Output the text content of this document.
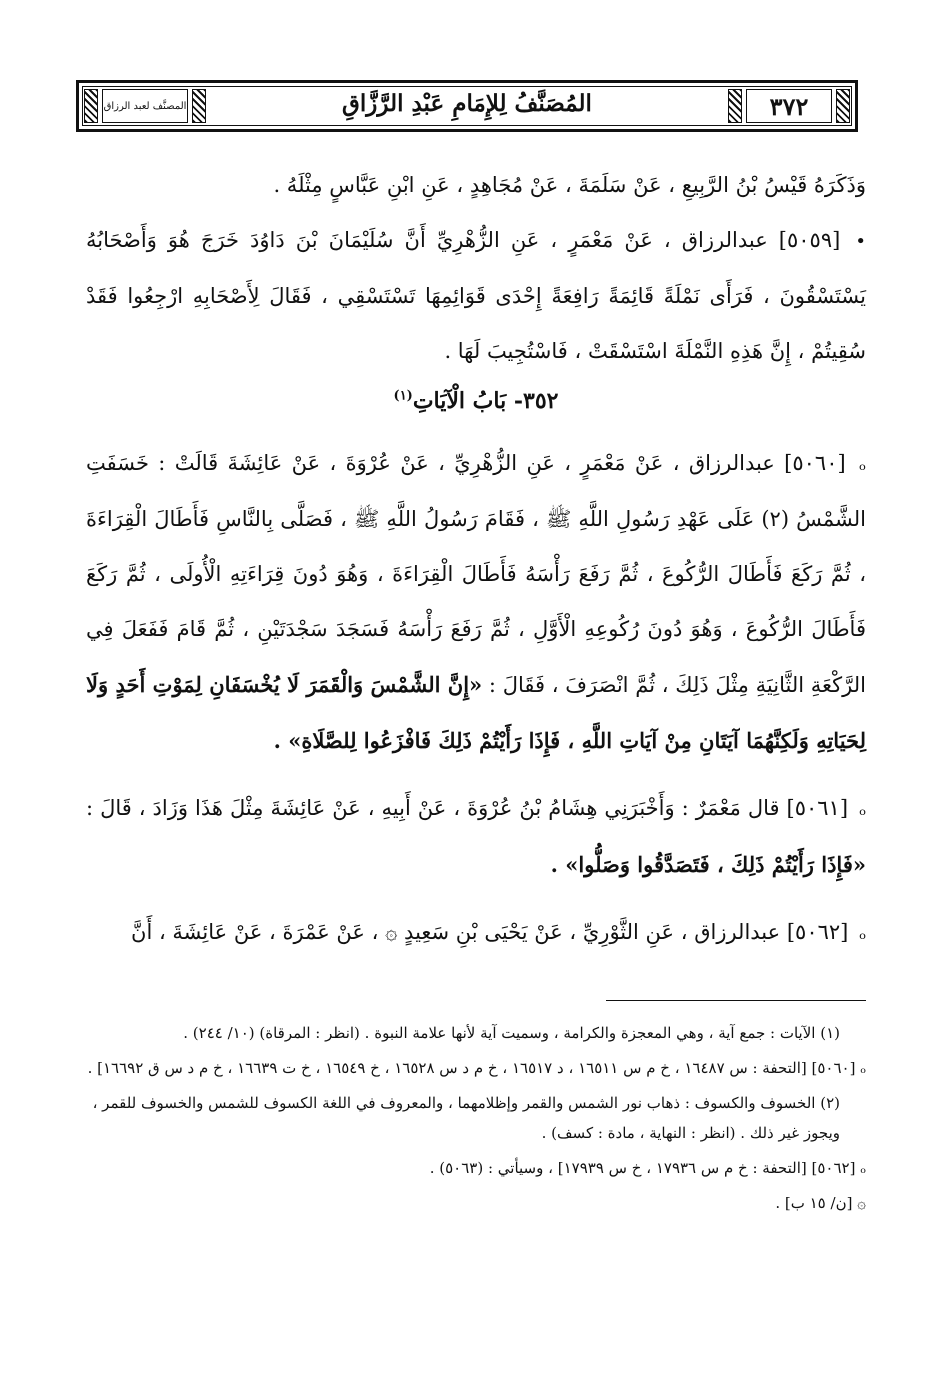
المصنَّف لعبد الرزاق	المُصَنَّفُ لِلإِمَامِ عَبْدِ الرَّزَّاقِ	٣٧٢

وَذَكَرَهُ قَيْسُ بْنُ الرَّبِيعِ ، عَنْ سَلَمَةَ ، عَنْ مُجَاهِدٍ ، عَنِ ابْنِ عَبَّاسٍ مِثْلَهُ .

• [٥٠٥٩] عبدالرزاق ، عَنْ مَعْمَرٍ ، عَنِ الزُّهْرِيِّ أَنَّ سُلَيْمَانَ بْنَ دَاوُدَ خَرَجَ هُوَ وَأَصْحَابُهُ يَسْتَسْقُونَ ، فَرَأَى نَمْلَةً قَائِمَةً رَافِعَةً إِحْدَى قَوَائِمِهَا تَسْتَسْقِي ، فَقَالَ لِأَصْحَابِهِ ارْجِعُوا فَقَدْ سُقِيتُمْ ، إِنَّ هَذِهِ النَّمْلَةَ اسْتَسْقَتْ ، فَاسْتُجِيبَ لَهَا .

٣٥٢- بَابُ الْآيَاتِ$^{(١)}$

ₒ [٥٠٦٠] عبدالرزاق ، عَنْ مَعْمَرٍ ، عَنِ الزُّهْرِيِّ ، عَنْ عُرْوَةَ ، عَنْ عَائِشَةَ قَالَتْ : خَسَفَتِ الشَّمْسُ (٢) عَلَى عَهْدِ رَسُولِ اللَّهِ ﷺ ، فَقَامَ رَسُولُ اللَّهِ ﷺ ، فَصَلَّى بِالنَّاسِ فَأَطَالَ الْقِرَاءَةَ ، ثُمَّ رَكَعَ فَأَطَالَ الرُّكُوعَ ، ثُمَّ رَفَعَ رَأْسَهُ فَأَطَالَ الْقِرَاءَةَ ، وَهُوَ دُونَ قِرَاءَتِهِ الْأُولَى ، ثُمَّ رَكَعَ فَأَطَالَ الرُّكُوعَ ، وَهُوَ دُونَ رُكُوعِهِ الْأَوَّلِ ، ثُمَّ رَفَعَ رَأْسَهُ فَسَجَدَ سَجْدَتَيْنِ ، ثُمَّ قَامَ فَفَعَلَ فِي الرَّكْعَةِ الثَّانِيَةِ مِثْلَ ذَلِكَ ، ثُمَّ انْصَرَفَ ، فَقَالَ : «إِنَّ الشَّمْسَ وَالْقَمَرَ لَا يُخْسَفَانِ لِمَوْتِ أَحَدٍ وَلَا لِحَيَاتِهِ وَلَكِنَّهُمَا آيَتَانِ مِنْ آيَاتِ اللَّهِ ، فَإِذَا رَأَيْتُمْ ذَلِكَ فَافْزَعُوا لِلصَّلَاةِ» .

ₒ [٥٠٦١] قال مَعْمَرٌ : وَأَخْبَرَنِي هِشَامُ بْنُ عُرْوَةَ ، عَنْ أَبِيهِ ، عَنْ عَائِشَةَ مِثْلَ هَذَا وَزَادَ ، قَالَ : «فَإِذَا رَأَيْتُمْ ذَلِكَ ، فَتَصَدَّقُوا وَصَلُّوا» .

ₒ [٥٠٦٢] عبدالرزاق ، عَنِ الثَّوْرِيِّ ، عَنْ يَحْيَى بْنِ سَعِيدٍ ۞ ، عَنْ عَمْرَةَ ، عَنْ عَائِشَةَ ، أَنَّ

(١) الآيات : جمع آية ، وهي المعجزة والكرامة ، وسميت آية لأنها علامة النبوة . (انظر : المرقاة) (١٠/ ٢٤٤) .

ₒ [٥٠٦٠] [التحفة : س ١٦٤٨٧ ، خ م س ١٦٥١١ ، د ١٦٥١٧ ، خ م د س ١٦٥٢٨ ، خ ١٦٥٤٩ ، خ ت ١٦٦٣٩ ، خ م د س ق ١٦٦٩٢] .

(٢) الخسوف والكسوف : ذهاب نور الشمس والقمر وإظلامهما ، والمعروف في اللغة الكسوف للشمس والخسوف للقمر ، ويجوز غير ذلك . (انظر : النهاية ، مادة : كسف) .

ₒ [٥٠٦٢] [التحفة : خ م س ١٧٩٣٦ ، خ س ١٧٩٣٩] ، وسيأتي : (٥٠٦٣) .

۞ [ن/ ١٥ ب] .
